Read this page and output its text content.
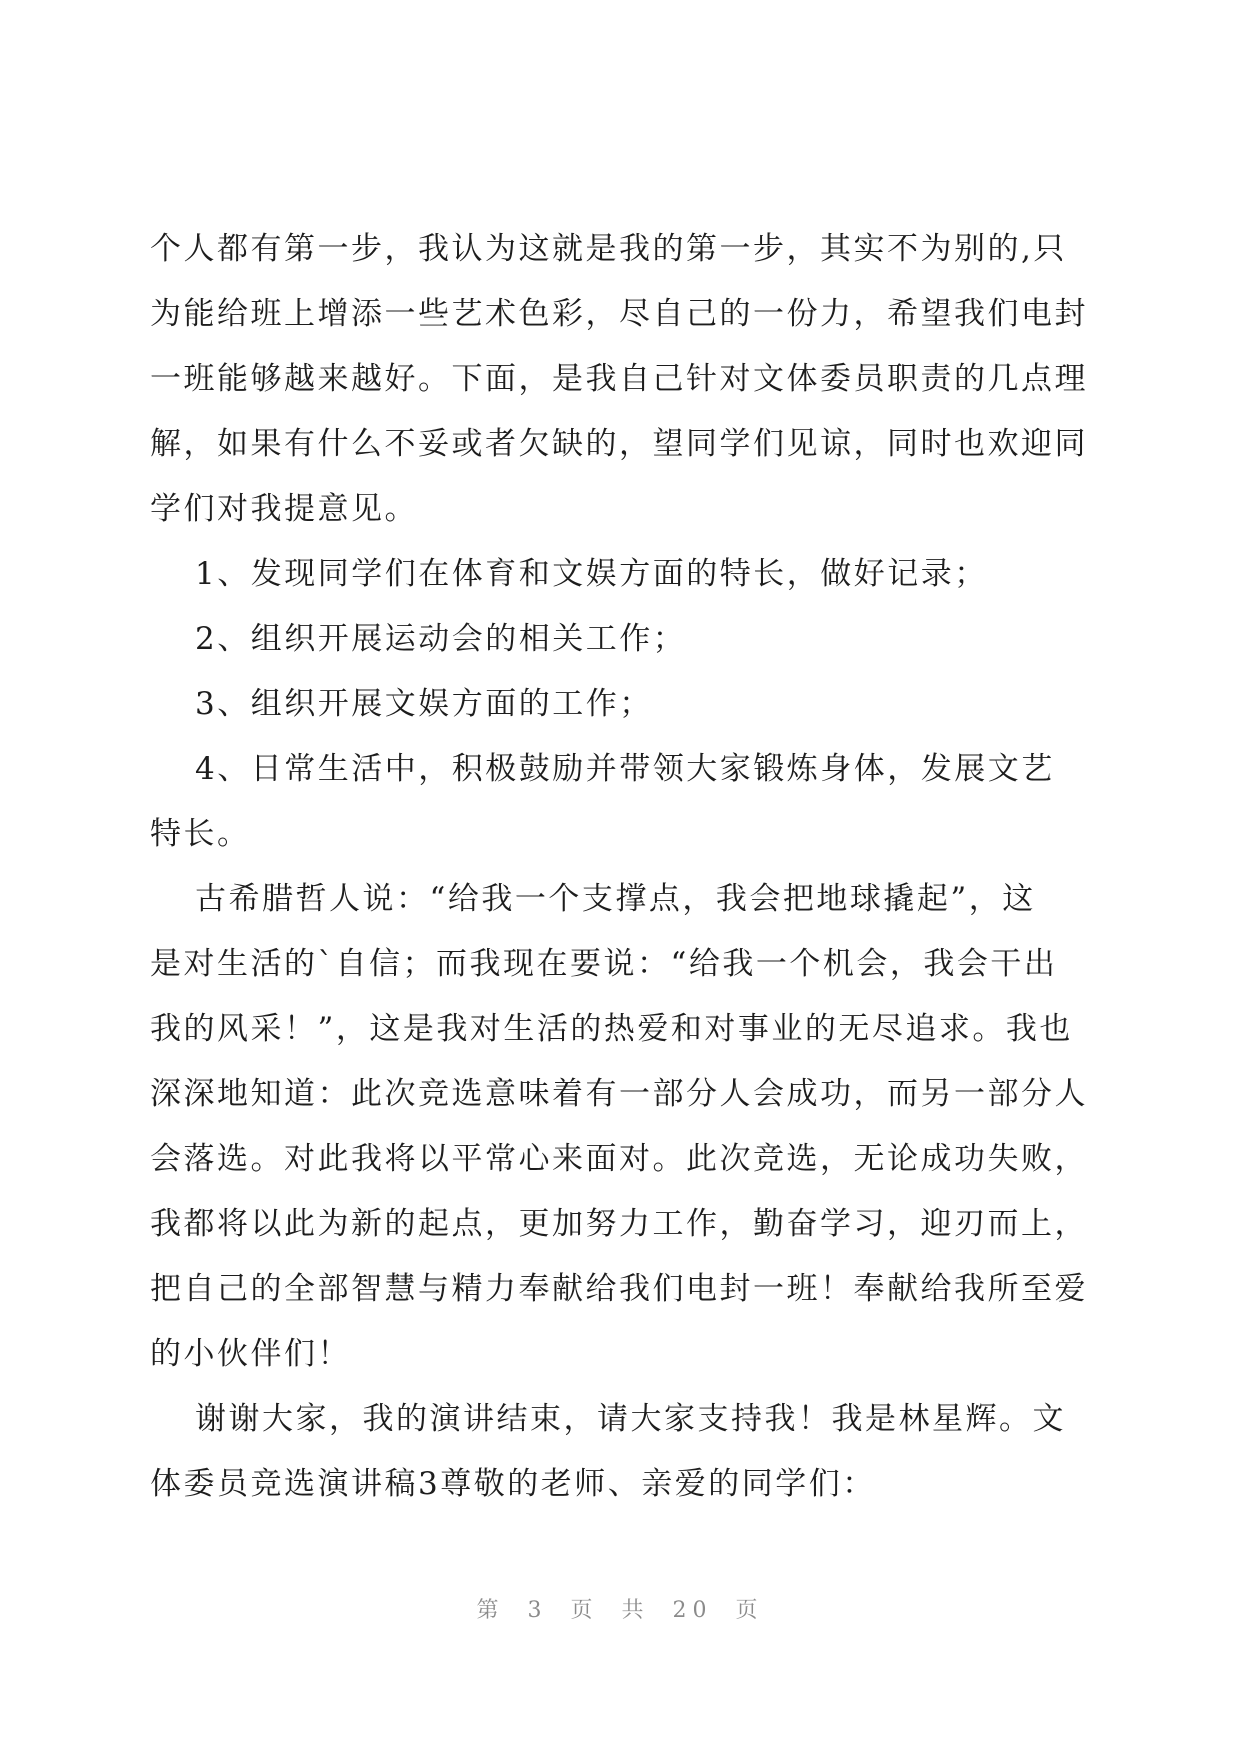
个人都有第一步，我认为这就是我的第一步，其实不为别的,只
为能给班上增添一些艺术色彩，尽自己的一份力，希望我们电封
一班能够越来越好。下面，是我自己针对文体委员职责的几点理
解，如果有什么不妥或者欠缺的，望同学们见谅，同时也欢迎同
学们对我提意见。
1、发现同学们在体育和文娱方面的特长，做好记录；
2、组织开展运动会的相关工作；
3、组织开展文娱方面的工作；
4、日常生活中，积极鼓励并带领大家锻炼身体，发展文艺
特长。
古希腊哲人说：“给我一个支撑点，我会把地球撬起”，这
是对生活的`自信；而我现在要说：“给我一个机会，我会干出
我的风采！”，这是我对生活的热爱和对事业的无尽追求。我也
深深地知道：此次竞选意味着有一部分人会成功，而另一部分人
会落选。对此我将以平常心来面对。此次竞选，无论成功失败，
我都将以此为新的起点，更加努力工作，勤奋学习，迎刃而上，
把自己的全部智慧与精力奉献给我们电封一班！奉献给我所至爱
的小伙伴们！
谢谢大家，我的演讲结束，请大家支持我！我是林星辉。文
体委员竞选演讲稿3尊敬的老师、亲爱的同学们：
第 3 页 共 20 页
